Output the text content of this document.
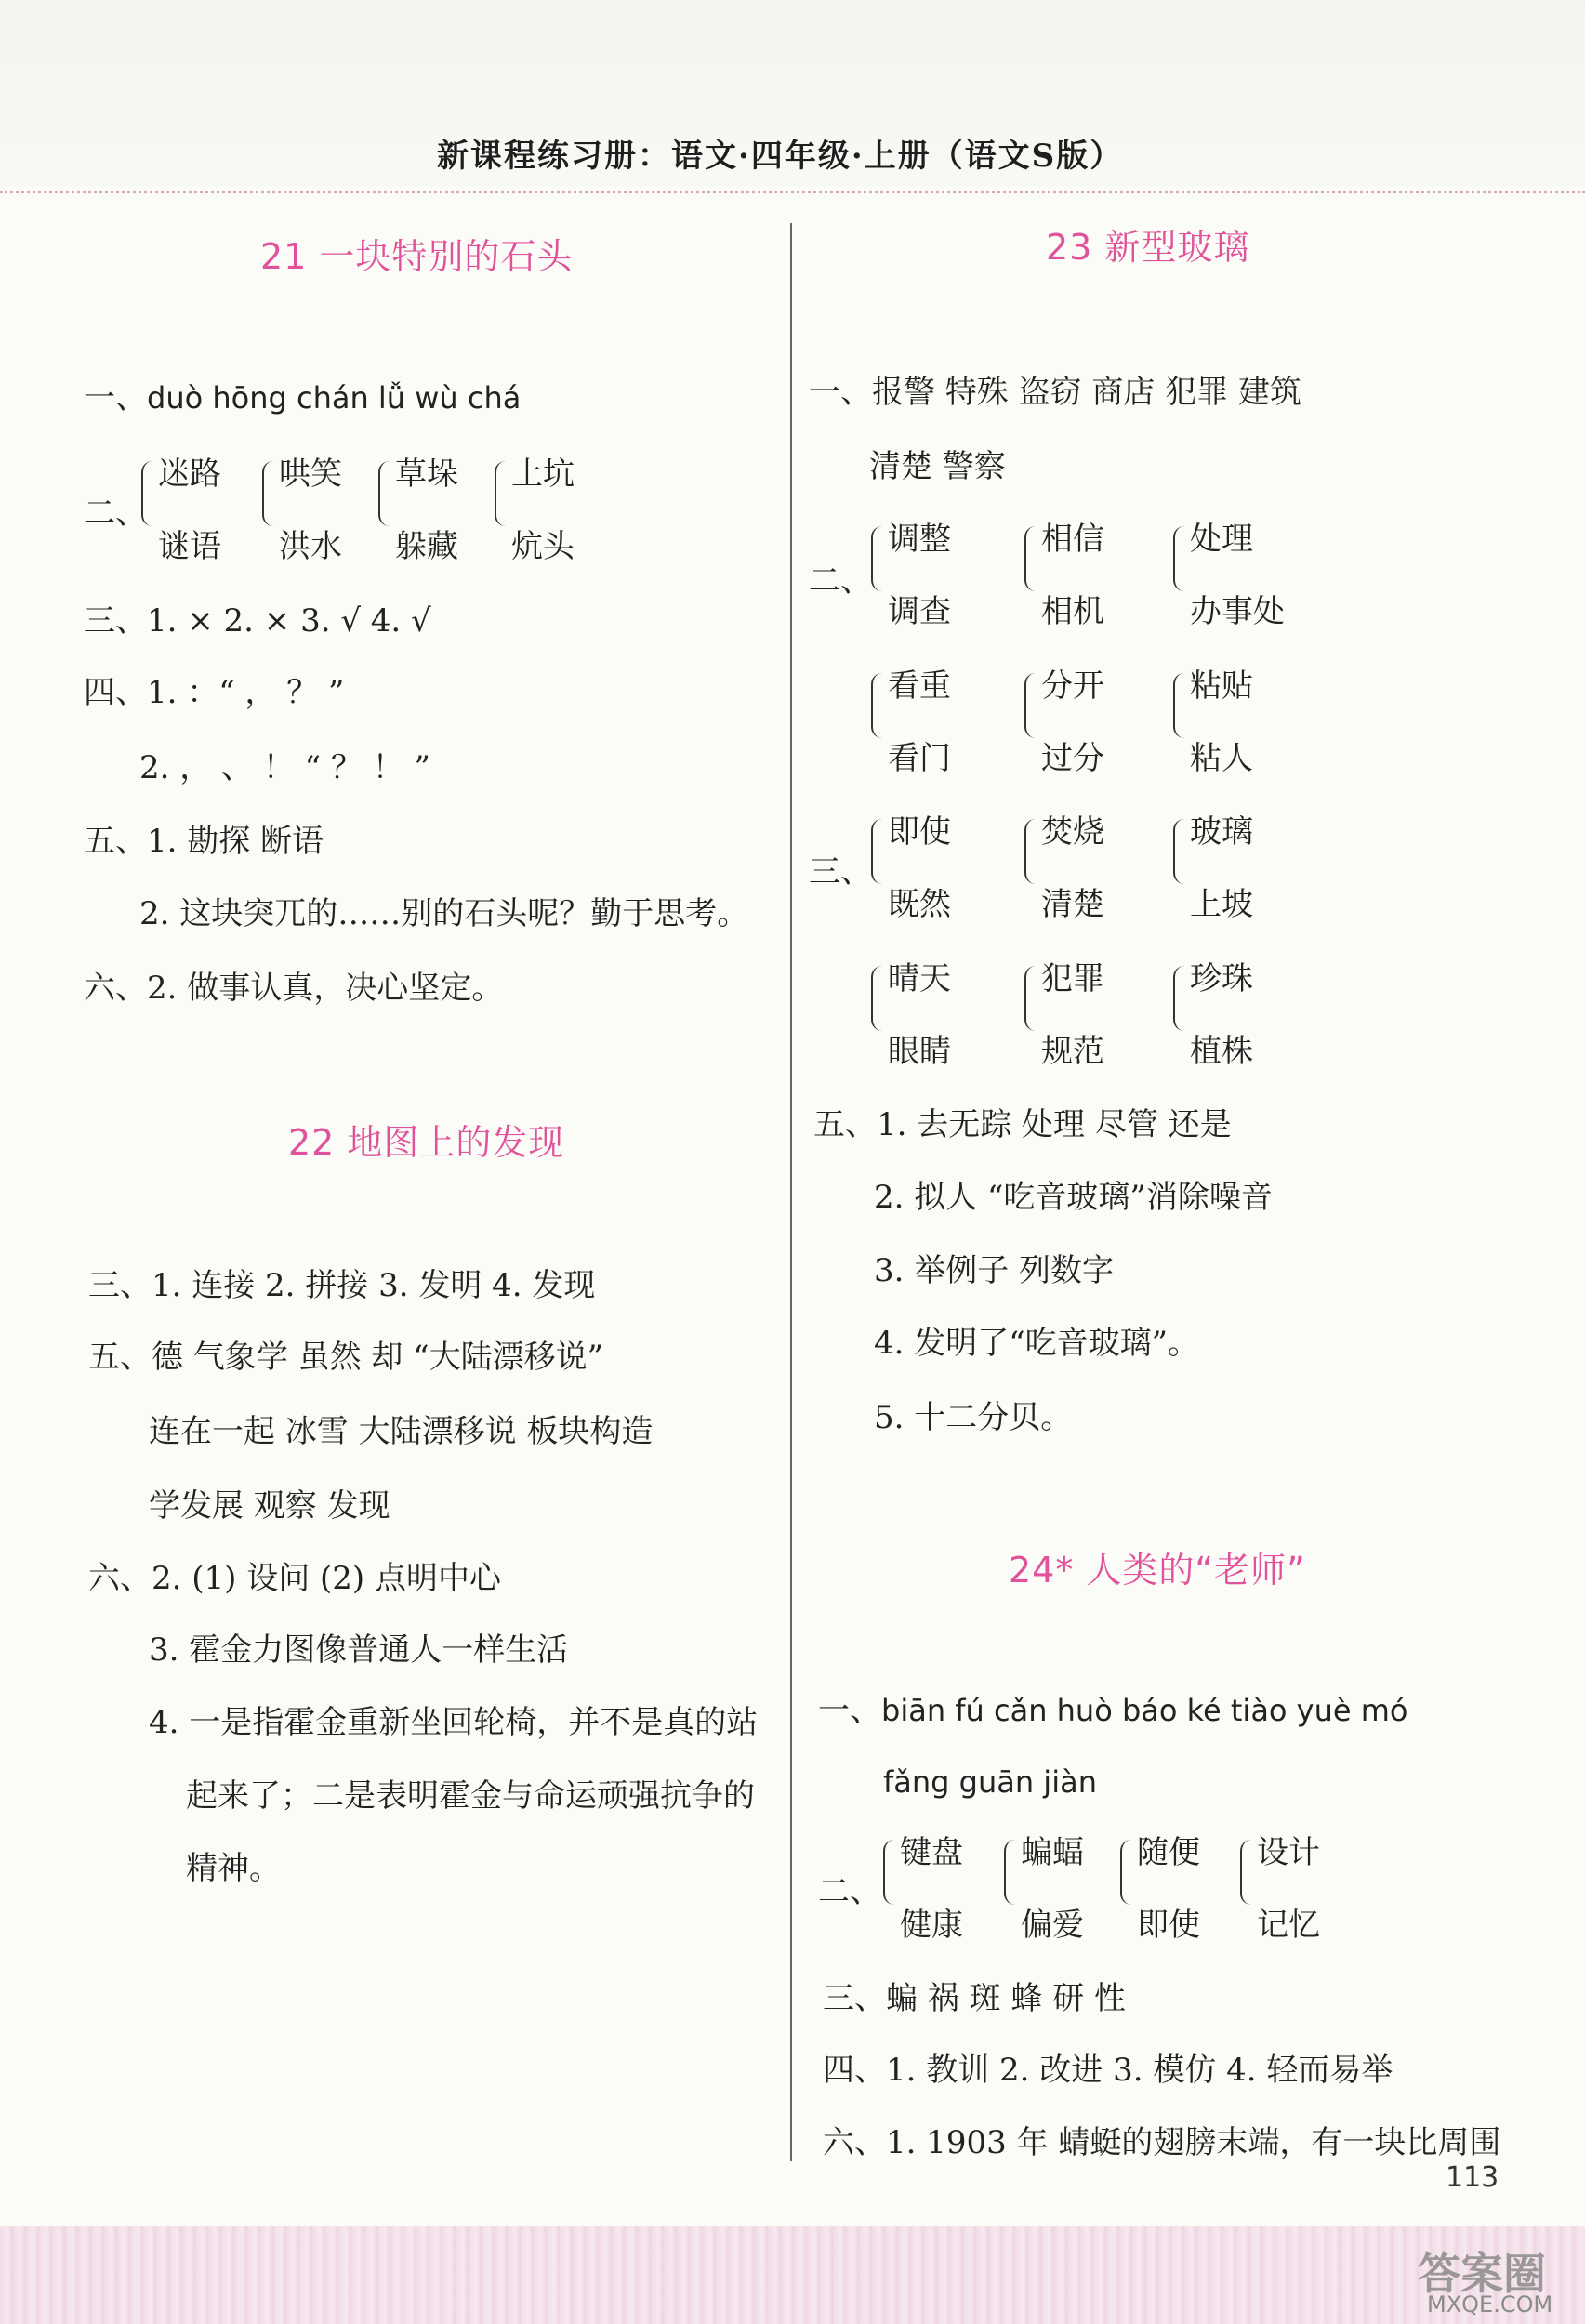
新课程练习册：语文·四年级·上册（语文S版）
21 一块特别的石头
一、duò hōng chán lǚ wù chá
二、
迷路
谜语
哄笑
洪水
草垛
躲藏
土坑
炕头
三、1. × 2. × 3. √ 4. √
四、1. ：“ ， ？ ”
2. ， 、 ！ “ ？ ！ ”
五、1. 勘探 断语
2. 这块突兀的……别的石头呢？勤于思考。
六、2. 做事认真，决心坚定。
22 地图上的发现
三、1. 连接 2. 拼接 3. 发明 4. 发现
五、德 气象学 虽然 却 “大陆漂移说”
连在一起 冰雪 大陆漂移说 板块构造
学发展 观察 发现
六、2. (1) 设问 (2) 点明中心
3. 霍金力图像普通人一样生活
4. 一是指霍金重新坐回轮椅，并不是真的站
起来了；二是表明霍金与命运顽强抗争的
精神。
23 新型玻璃
一、报警 特殊 盗窃 商店 犯罪 建筑
清楚 警察
二、
调整
调查
相信
相机
处理
办事处
看重
看门
分开
过分
粘贴
粘人
三、
即使
既然
焚烧
清楚
玻璃
上坡
晴天
眼睛
犯罪
规范
珍珠
植株
五、1. 去无踪 处理 尽管 还是
2. 拟人 “吃音玻璃”消除噪音
3. 举例子 列数字
4. 发明了“吃音玻璃”。
5. 十二分贝。
24* 人类的“老师”
一、biān fú cǎn huò báo ké tiào yuè mó
fǎng guān jiàn
二、
键盘
健康
蝙蝠
偏爱
随便
即使
设计
记忆
三、蝙 祸 斑 蜂 研 性
四、1. 教训 2. 改进 3. 模仿 4. 轻而易举
六、1. 1903 年 蜻蜓的翅膀末端，有一块比周围
113
答案圈
MXQE.COM
